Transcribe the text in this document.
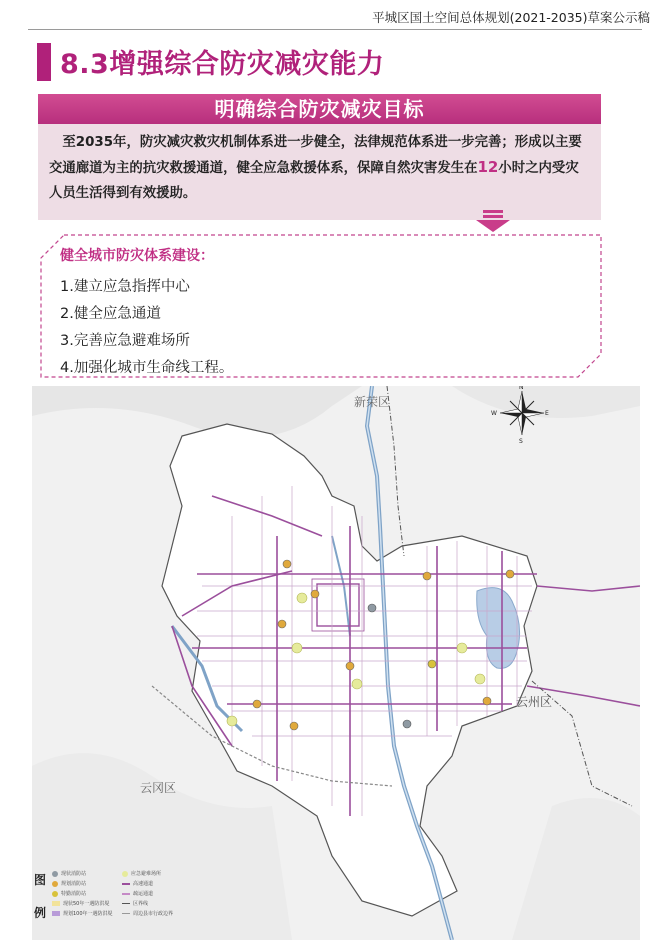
平城区国土空间总体规划(2021-2035)草案公示稿
8.3增强综合防灾减灾能力
明确综合防灾减灾目标
　至2035年，防灾减灾救灾机制体系进一步健全，法律规范体系进一步完善；形成以主要交通廊道为主的抗灾救援通道，健全应急救援体系，保障自然灾害发生在12小时之内受灾人员生活得到有效援助。
健全城市防灾体系建设：
1.建立应急指挥中心
2.健全应急通道
3.完善应急避难场所
4.加强化城市生命线工程。
新荣区
云州区
云冈区
N
S
E
W
图
例
现状消防站	应急避难场所
规划消防站	高速通道
特勤消防站	疏运通道
现状50年一遇防洪堤	区界线
规划100年一遇防洪堤	周边县市行政边界
